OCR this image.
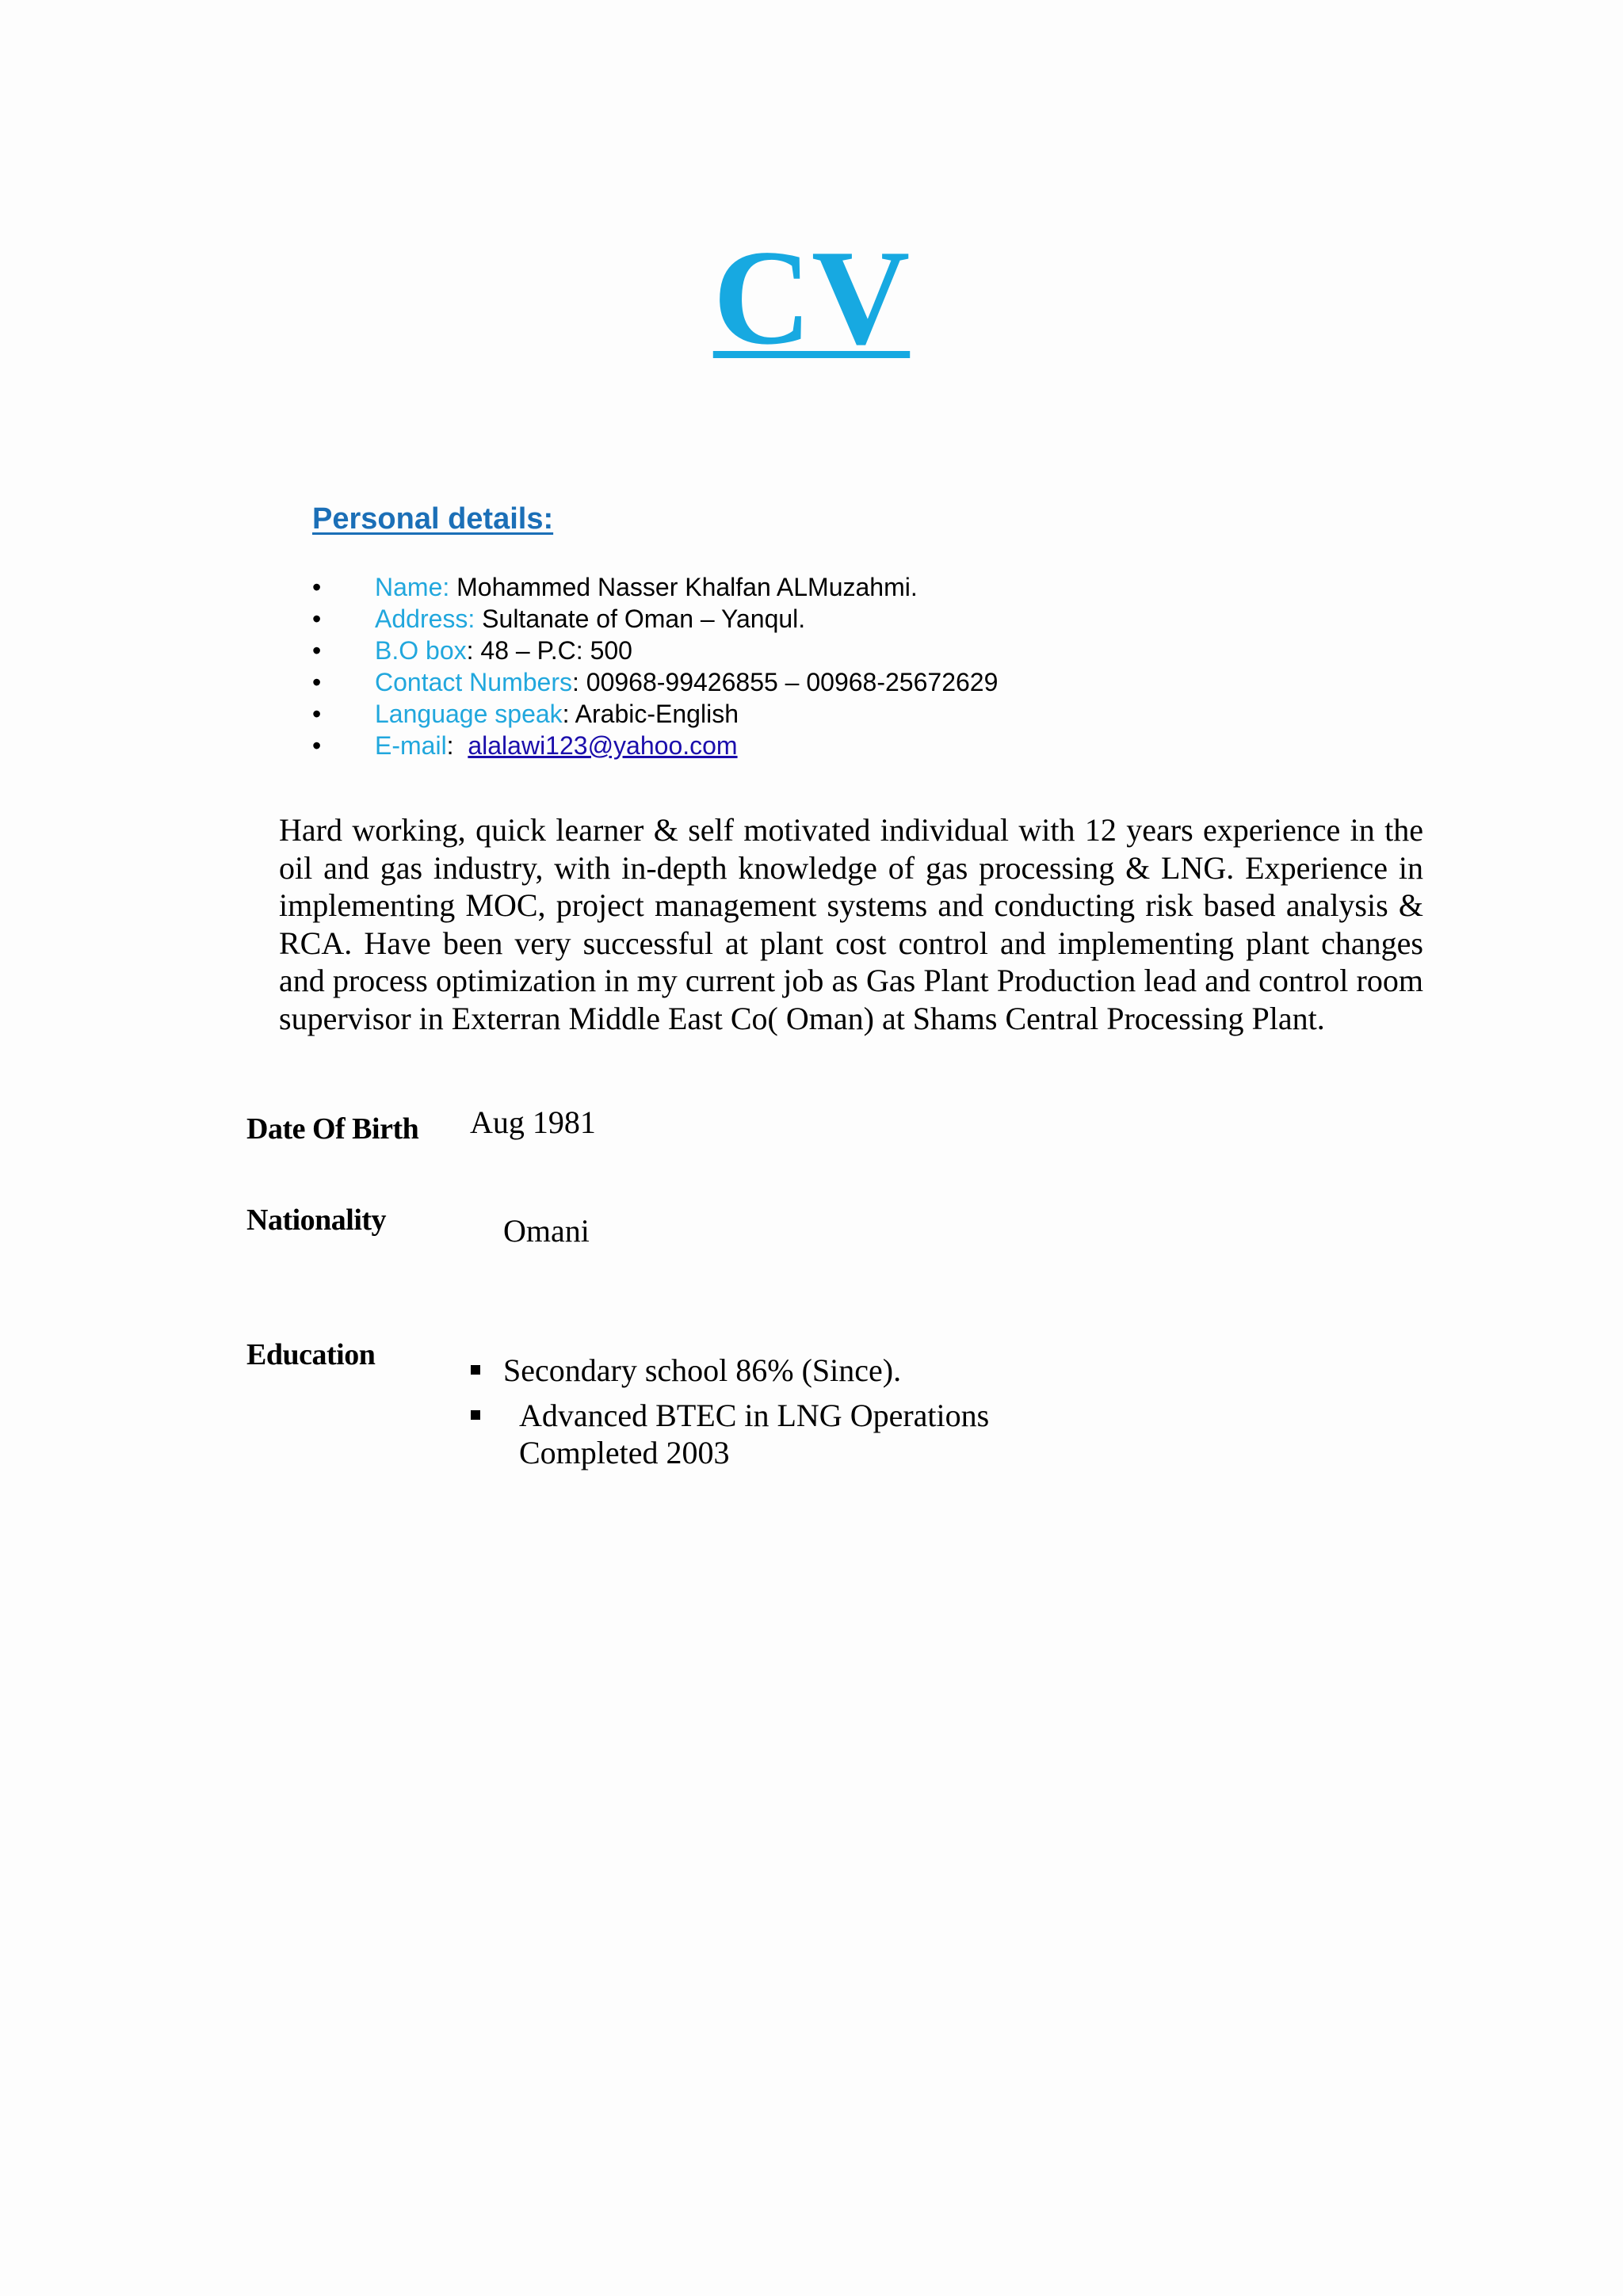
CV
Personal details:
• Name: Mohammed Nasser Khalfan ALMuzahmi.
• Address: Sultanate of Oman – Yanqul.
• B.O box: 48 – P.C: 500
• Contact Numbers: 00968-99426855 – 00968-25672629
• Language speak: Arabic-English
• E-mail:  alalawi123@yahoo.com

Hard working, quick learner & self motivated individual with 12 years experience in the oil and gas industry, with in-depth knowledge of gas processing & LNG. Experience in implementing MOC, project management systems and conducting risk based analysis & RCA. Have been very successful at plant cost control and implementing plant changes and process optimization in my current job as Gas Plant Production lead and control room supervisor in Exterran Middle East Co( Oman) at Shams Central Processing Plant.

Date Of Birth Aug 1981
Nationality	Omani
Education	Secondary school 86% (Since).
Advanced BTEC in LNG Operations
Completed 2003
